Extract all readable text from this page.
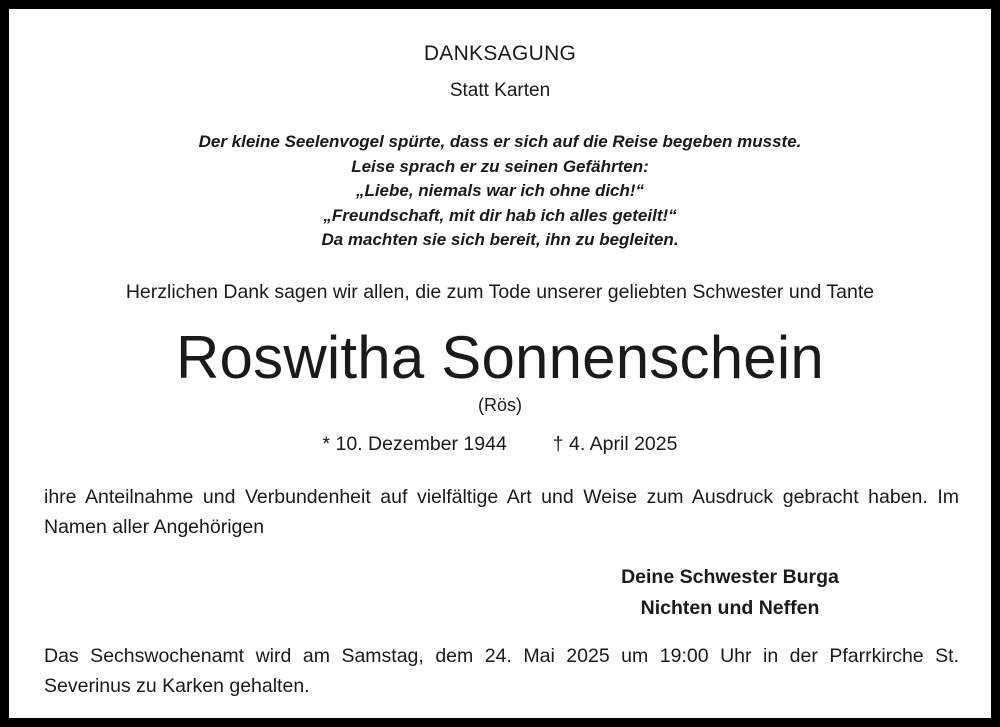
DANKSAGUNG
Statt Karten
Der kleine Seelenvogel spürte, dass er sich auf die Reise begeben musste.
Leise sprach er zu seinen Gefährten:
„Liebe, niemals war ich ohne dich!“
„Freundschaft, mit dir hab ich alles geteilt!“
Da machten sie sich bereit, ihn zu begleiten.
Herzlichen Dank sagen wir allen, die zum Tode unserer geliebten Schwester und Tante
Roswitha Sonnenschein
(Rös)
* 10. Dezember 1944 † 4. April 2025
ihre Anteilnahme und Verbundenheit auf vielfältige Art und Weise zum Ausdruck gebracht haben. Im Namen aller Angehörigen
Deine Schwester Burga
Nichten und Neffen
Das Sechswochenamt wird am Samstag, dem 24. Mai 2025 um 19:00 Uhr in der Pfarrkirche St. Severinus zu Karken gehalten.
